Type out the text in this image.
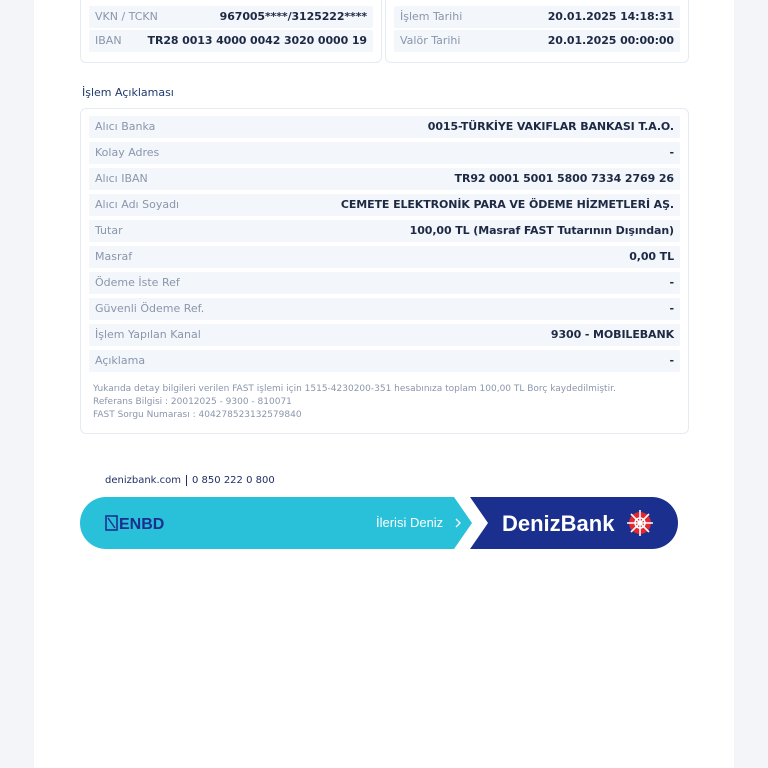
VKN / TCKN	967005****/3125222****
IBAN TR28 0013 4000 0042 3020 0000 19
İşlem Tarihi	20.01.2025 14:18:31
Valör Tarihi	20.01.2025 00:00:00
İşlem Açıklaması
Alıcı Banka	0015-TÜRKİYE VAKIFLAR BANKASI T.A.O.
Kolay Adres	-
Alıcı IBAN	TR92 0001 5001 5800 7334 2769 26
Alıcı Adı Soyadı	CEMETE ELEKTRONİK PARA VE ÖDEME HİZMETLERİ AŞ.
Tutar	100,00 TL (Masraf FAST Tutarının Dışından)
Masraf	0,00 TL
Ödeme İste Ref	-
Güvenli Ödeme Ref.	-
İşlem Yapılan Kanal	9300 - MOBILEBANK
Açıklama	-
Yukarıda detay bilgileri verilen FAST işlemi için 1515-4230200-351 hesabınıza toplam 100,00 TL Borç kaydedilmiştir.
Referans Bilgisi : 20012025 - 9300 - 810071
FAST Sorgu Numarası : 404278523132579840
denizbank.com 0 850 222 0 800
ENBD	İlerisi Deniz	DenizBank
